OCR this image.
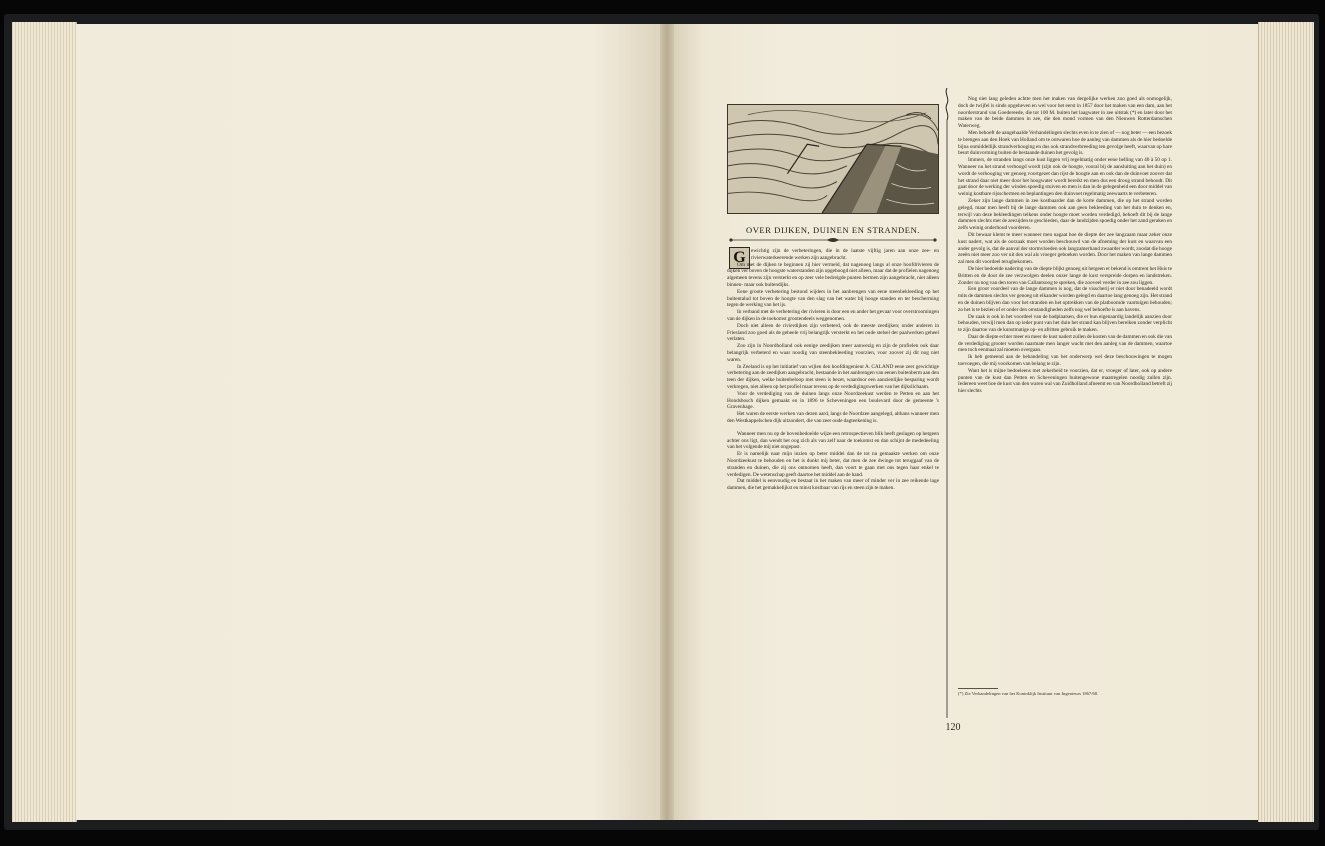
OVER DIJKEN, DUINEN EN STRANDEN.
G ewichtig zijn de verbeteringen, die in de laatste vijftig jaren aan onze zee- en rivierwaterkeerende werken zijn aangebracht.

Om met de dijken te beginnen zij hier vermeld, dat nagenoeg langs al onze hoofdrivieren de dijken ver boven de hoogste waterstanden zijn opgehoogd niet alleen, maar dat de profielen nagenoeg algemeen tevens zijn versterkt en op zeer vele bedreigde punten bermen zijn aangebracht, niet alleen binnen- maar ook buitendijks.

Eene groote verbetering bestond wijders in het aanbrengen van eene steenbekleeding op het buitentalud tot boven de hoogte van den slag van het water bij hooge standen en ter bescherming tegen de werking van het ijs.

In verband met de verbetering der rivieren is door een en ander het gevaar voor overstroomingen van de dijken in de toekomst grootendeels weggenomen.

Doch niet alleen de rivierdijken zijn verbeterd, ook de meeste zeedijken; onder anderen in Friesland zoo goed als de geheele vrij belangrijk versterkt en het oude stelsel der paalwerken geheel verlaten.

Zoo zijn in Noordholland ook eenige zeedijken meer aanwezig en zijn de profielen ook daar belangrijk verbeterd en waar noodig van steenbekleeding voorzien, voor zoover zij dit nog niet waren.

In Zeeland is op het initiatief van wijlen den hoofdingenieur A. CALAND eene zeer gewichtige verbetering aan de zeedijken aangebracht, bestaande in het aanbrengen van eenen buitenberm aan den teen der dijken, welke buitenbeloop met steen is bezet, waardoor een aanzienlijke besparing wordt verkregen, niet alleen op het profiel maar tevens op de verdedigingswerken van het dijkslichaam.

Voor de verdediging van de duinen langs onze Noordzeekust werden te Petten en aan het Hondsbosch dijken gemaakt en in 1896 te Scheveningen een boulevard door de gemeente 's Gravenhage.

Het waren de eerste werken van dezen aard, langs de Noordzee aangelegd, althans wanneer men den Westkappelschen dijk uitzondert, die van zeer oude dagteekening is.

Wanneer men nu op de bovenbedoelde wijze een retrospectieven blik heeft geslagen op hetgeen achter ons ligt, dan wendt het oog zich als van zelf naar de toekomst en dan schijnt de mededeeling van het volgende mij niet ongepast.

Er is namelijk naar mijn inzien op beter middel dan de tot nu gemaakte werken om onze Noordzeekust te behouden en het is dunkt mij beter, dat men de zee dwinge tot teruggaaf van de stranden en duinen, die zij ons ontnomen heeft, dan voort te gaan met ons tegen haar enkel te verdedigen. De wetenschap geeft daartoe het middel aan de hand.

Dat middel is eenvoudig en bestaat in het maken van meer of minder ver in zee reikende lage dammen, die het gemakkelijkst en minst kostbaar van rijs en steen zijn te maken.

Nog niet lang geleden achtte men het maken van dergelijke werken zoo goed als onmogelijk, doch de twijfel is sinds opgeheven en wel voor het eerst in 1857 door het maken van een dam, aan het noorderstrand van Goedereede, die tot 100 M. buiten het laagwater in zee uitstak (*) en later door het maken van de beide dammen in zee, die den mond vormen van den Nieuwen Rotterdamschen Waterweg.

Men behoeft de aangehaalde Verhandelingen slechts even in te zien of — nog beter — een bezoek te brengen aan den Hoek van Holland om te ontwaren hoe de aanleg van dammen als de hier bedoelde bijna onmiddellijk strandverhooging en dus ook strandverbreeding ten gevolge heeft, waarvan op hare beurt duinvorming buiten de bestaande duinen het gevolg is.

Immers, de stranden langs onze kust liggen vrij regelmatig onder eene helling van 40 à 50 op 1. Wanneer nu het strand verhoogd wordt (zijn ook de hoogte, vooral bij de aansluiting aan het duin) en wordt de verhooging ver genoeg voortgezet dan rijst de hoogte aan en ook dan de duinvoet zoover dat het strand daar niet meer door het hoogwater wordt bereikt en men dus een droog strand behoudt. Dit gaat door de werking der winden spoedig stuiven en men is dan in de gelegenheid een door middel van weinig kostbare rijsschermen en beplantingen den duinvoet regelmatig zeewaarts te verbeteren.

Zeker zijn lange dammen in zee kostbaarder dan de korte dammen, die op het strand worden gelegd, maar men heeft bij de lange dammen ook aan geen bekleeding van het duin te denken en, terwijl van deze bekleedingen telkens onder hoogte moet worden verdedigd, behoeft dit bij de lange dammen slechts met de zeezijden te geschieden, daar de landzijden spoedig onder het zand geraken en zelfs weinig onderhoud voorderen.

Dit bewaar klemt te meer wanneer men nagaat hoe de diepte der zee langzaam maar zeker onze kust nadert, wat als de oorzaak moet worden beschouwd van de afneming der kust en waarvan een ander gevolg is, dat de aanval der stormvloeden ook langzamerhand zwaarder wordt, zoodat die hooge zeeën niet meer zoo ver uit den wal als vroeger geboeken worden. Door het maken van lange dammen zal men dit voordeel terugbekomen.

De hier bedoelde nadering van de diepte blijkt genoeg uit hetgeen er bekend is omtrent het Huis te Britten en de door de zee verzwolgen deelen onzer lange de kust verspreide dorpen en landstreken. Zonder nu nog van den toren van Callantsoog te spreken, die zooveel verder in zee zou liggen.

Een groot voordeel van de lange dammen is nog, dat de visscherij er niet door benadeeld wordt mits de dammen slechts ver genoeg uit elkander worden gelegd en daartoe lang genoeg zijn. Het strand en de duinen blijven dan voor het stranden en het optrekken van de platboomde vaartuigen behouden; zo het is te bezien of er onder den omstandigheden zelfs nog wel behoefte is aan havens.

De zaak is ook in het voordeel van de badplaatsen, die er hun eigenaardig landelijk aanzien door behouden, terwijl men dan op ieder punt van het duin het strand kan blijven bereiken zonder verplicht te zijn daartoe van de kunstmatige op- en afritten gebruik te maken.

Daar de diepte echter meer en meer de kust nadert zullen de kosten van de dammen en ook die van de verdediging grooter worden naarmate men langer wacht met den aanleg van de dammen, waartoe men toch eenmaal zal moeten overgaan.

Ik heb gemeend aan de behandeling van het onderwerp wel deze beschouwingen te mogen toevoegen, die mij voorkomen van belang te zijn.

Want het is mijne bedoeleens met zekerheid te voorzien, dat er, vroeger of later, ook op andere punten van de kust dan Petten en Scheveningen buitengewone maatregelen noodig zullen zijn. Iedereen weet hoe de kust van den waren wal van Zuidholland afneemt en van Noordholland betreft zij hier slechts

(*) Zie Verhandelingen van het Koninklijk Instituut van Ingenieurs 1867/68.
120
